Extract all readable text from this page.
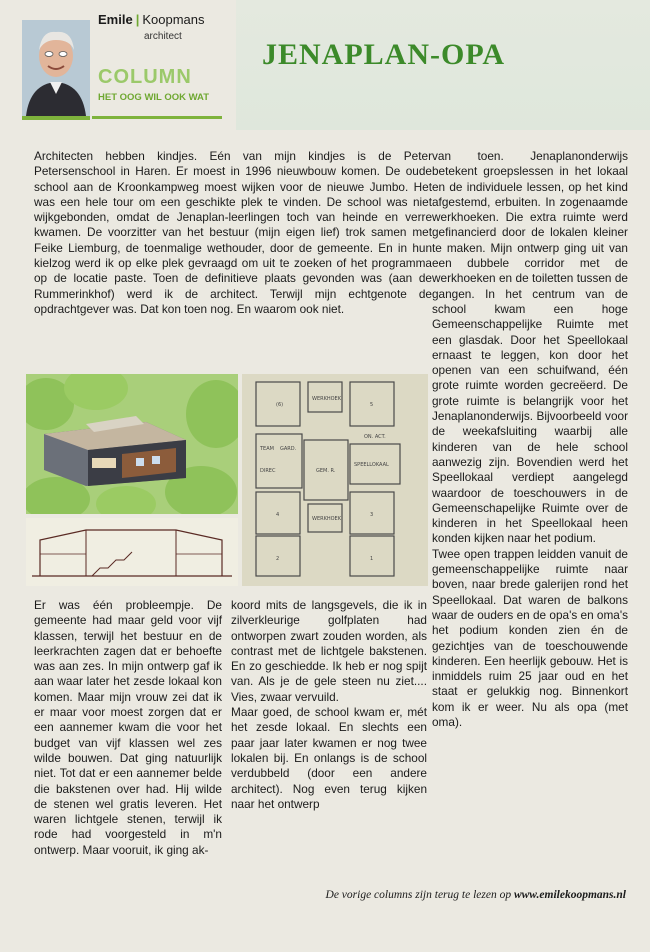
Emile | Koopmans
architect
COLUMN
HET OOG WIL OOK WAT
JENAPLAN-OPA

Architecten hebben kindjes. Eén van mijn kindjes is de Peter Petersenschool in Haren. Er moest in 1996 nieuwbouw komen. De oude school aan de Kroonkampweg moest wijken voor de nieuwe Jumbo. Het was een hele tour om een geschikte plek te vinden. De school was niet wijkgebonden, omdat de Jenaplan-leerlingen toch van heinde en verre kwamen. De voorzitter van het bestuur (mijn eigen lief) trok samen met Feike Liemburg, de toenmalige wethouder, door de gemeente. En in hun kielzog werd ik op elke plek gevraagd om uit te zoeken of het programma op de locatie paste. Toen de definitieve plaats gevonden was (aan de Rummerinkhof) werd ik de architect. Terwijl mijn echtgenote de opdrachtgever was. Dat kon toen nog. En waarom ook niet.

(6)	5
4	3
2	1
WERKHOEK
WERKHOEK
TEAM
DIREC
GARD.
GEM. R.
SPEELLOKAAL
ON. ACT.

Er was één probleempje. De gemeente had maar geld voor vijf klassen, terwijl het bestuur en de leerkrachten zagen dat er behoefte was aan zes. In mijn ontwerp gaf ik aan waar later het zesde lokaal kon komen. Maar mijn vrouw zei dat ik er maar voor moest zorgen dat er een aannemer kwam die voor het budget van vijf klassen wel zes wilde bouwen. Dat ging natuurlijk niet. Tot dat er een aannemer belde die bakstenen over had. Hij wilde de stenen wel gratis leveren. Het waren lichtgele stenen, terwijl ik rode had voorgesteld in m'n ontwerp. Maar vooruit, ik ging ak-

koord mits de langsgevels, die ik in zilverkleurige golfplaten had ontworpen zwart zouden worden, als contrast met de lichtgele bakstenen. En zo geschiedde. Ik heb er nog spijt van. Als je de gele steen nu ziet.... Vies, zwaar vervuild.

Maar goed, de school kwam er, mét het zesde lokaal. En slechts een paar jaar later kwamen er nog twee lokalen bij. En onlangs is de school verdubbeld (door een andere architect). Nog even terug kijken naar het ontwerp

van toen. Jenaplanonderwijs betekent groepslessen in het lokaal en de individuele lessen, op het kind afgestemd, erbuiten. In zogenaamde werkhoeken. Die extra ruimte werd gefinancierd door de lokalen kleiner te maken. Mijn ontwerp ging uit van een dubbele corridor met de werkhoeken en de toiletten tussen de gangen. In het centrum van de school kwam een hoge Gemeenschappelijke Ruimte met een glasdak. Door het Speellokaal ernaast te leggen, kon door het openen van een schuifwand, één grote ruimte worden gecreëerd. De grote ruimte is belangrijk voor het Jenaplanonderwijs. Bijvoorbeeld voor de weekafsluiting waarbij alle kinderen van de hele school aanwezig zijn. Bovendien werd het Speellokaal verdiept aangelegd waardoor de toeschouwers in de Gemeenschapelijke Ruimte over de kinderen in het Speellokaal heen konden kijken naar het podium.

Twee open trappen leidden vanuit de gemeenschappelijke ruimte naar boven, naar brede galerijen rond het Speellokaal. Dat waren de balkons waar de ouders en de opa's en oma's het podium konden zien én de gezichtjes van de toeschouwende kinderen. Een heerlijk gebouw. Het is inmiddels ruim 25 jaar oud en het staat er gelukkig nog. Binnenkort kom ik er weer. Nu als opa (met oma).

De vorige columns zijn terug te lezen op www.emilekoopmans.nl
